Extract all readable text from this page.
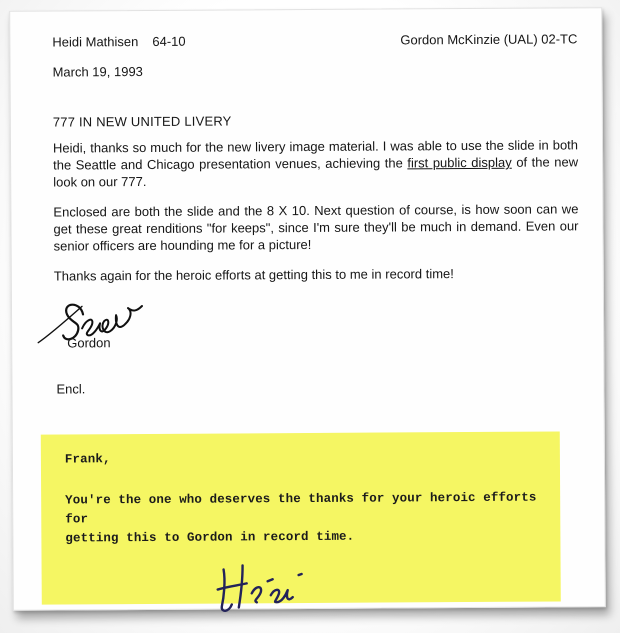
Heidi Mathisen 64-10	Gordon McKinzie (UAL) 02-TC
March 19, 1993
777 IN NEW UNITED LIVERY

Heidi, thanks so much for the new livery image material. I was able to use the slide in both the Seattle and Chicago presentation venues, achieving the first public display of the new look on our 777.

Enclosed are both the slide and the 8 X 10. Next question of course, is how soon can we get these great renditions "for keeps", since I'm sure they'll be much in demand. Even our senior officers are hounding me for a picture!

Thanks again for the heroic efforts at getting this to me in record time!

Gordon
Encl.
Frank,
You're the one who deserves the thanks for your heroic efforts for
getting this to Gordon in record time.
